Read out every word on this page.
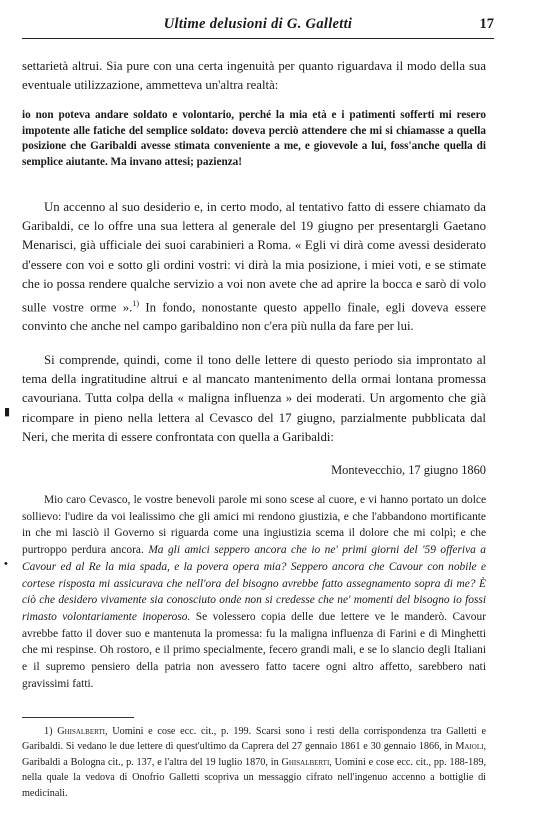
Ultime delusioni di G. Galletti	17

settarietà altrui. Sia pure con una certa ingenuità per quanto riguardava il modo della sua eventuale utilizzazione, ammetteva un'altra realtà:

io non poteva andare soldato e volontario, perché la mia età e i patimenti sofferti mi resero impotente alle fatiche del semplice soldato: doveva perciò attendere che mi si chiamasse a quella posizione che Garibaldi avesse stimata conveniente a me, e giovevole a lui, foss'anche quella di semplice aiutante. Ma invano attesi; pazienza!

Un accenno al suo desiderio e, in certo modo, al tentativo fatto di essere chiamato da Garibaldi, ce lo offre una sua lettera al generale del 19 giugno per presentargli Gaetano Menarisci, già ufficiale dei suoi carabinieri a Roma. « Egli vi dirà come avessi desiderato d'essere con voi e sotto gli ordini vostri: vi dirà la mia posizione, i miei voti, e se stimate che io possa rendere qualche servizio a voi non avete che ad aprire la bocca e sarò di volo sulle vostre orme ».$^{1)}$ In fondo, nonostante questo appello finale, egli doveva essere convinto che anche nel campo garibaldino non c'era più nulla da fare per lui.

Si comprende, quindi, come il tono delle lettere di questo periodo sia improntato al tema della ingratitudine altrui e al mancato mantenimento della ormai lontana promessa cavouriana. Tutta colpa della « maligna influenza » dei moderati. Un argomento che già ricompare in pieno nella lettera al Cevasco del 17 giugno, parzialmente pubblicata dal Neri, che merita di essere confrontata con quella a Garibaldi:

▮

Montevecchio, 17 giugno 1860

•

Mio caro Cevasco, le vostre benevoli parole mi sono scese al cuore, e vi hanno portato un dolce sollievo: l'udire da voi lealissimo che gli amici mi rendono giustizia, e che l'abbandono mortificante in che mi lasciò il Governo si riguarda come una ingiustizia scema il dolore che mi colpì; e che purtroppo perdura ancora. Ma gli amici seppero ancora che io ne' primi giorni del '59 offeriva a Cavour ed al Re la mia spada, e la povera opera mia? Seppero ancora che Cavour con nobile e cortese risposta mi assicurava che nell'ora del bisogno avrebbe fatto assegnamento sopra di me? È ciò che desidero vivamente sia conosciuto onde non si credesse che ne' momenti del bisogno io fossi rimasto volontariamente inoperoso. Se volessero copia delle due lettere ve le manderò. Cavour avrebbe fatto il dover suo e mantenuta la promessa: fu la maligna influenza di Farini e di Minghetti che mi respinse. Oh rostoro, e il primo specialmente, fecero grandi mali, e se lo slancio degli Italiani e il supremo pensiero della patria non avessero fatto tacere ogni altro affetto, sarebbero nati gravissimi fatti.

1) Ghisalberti, Uomini e cose ecc. cit., p. 199. Scarsi sono i resti della corrispondenza tra Galletti e Garibaldi. Si vedano le due lettere di quest'ultimo da Caprera del 27 gennaio 1861 e 30 gennaio 1866, in Maioli, Garibaldi a Bologna cit., p. 137, e l'altra del 19 luglio 1870, in Ghisalberti, Uomini e cose ecc. cit., pp. 188-189, nella quale la vedova di Onofrio Galletti scopriva un messaggio cifrato nell'ingenuo accenno a bottiglie di medicinali.
